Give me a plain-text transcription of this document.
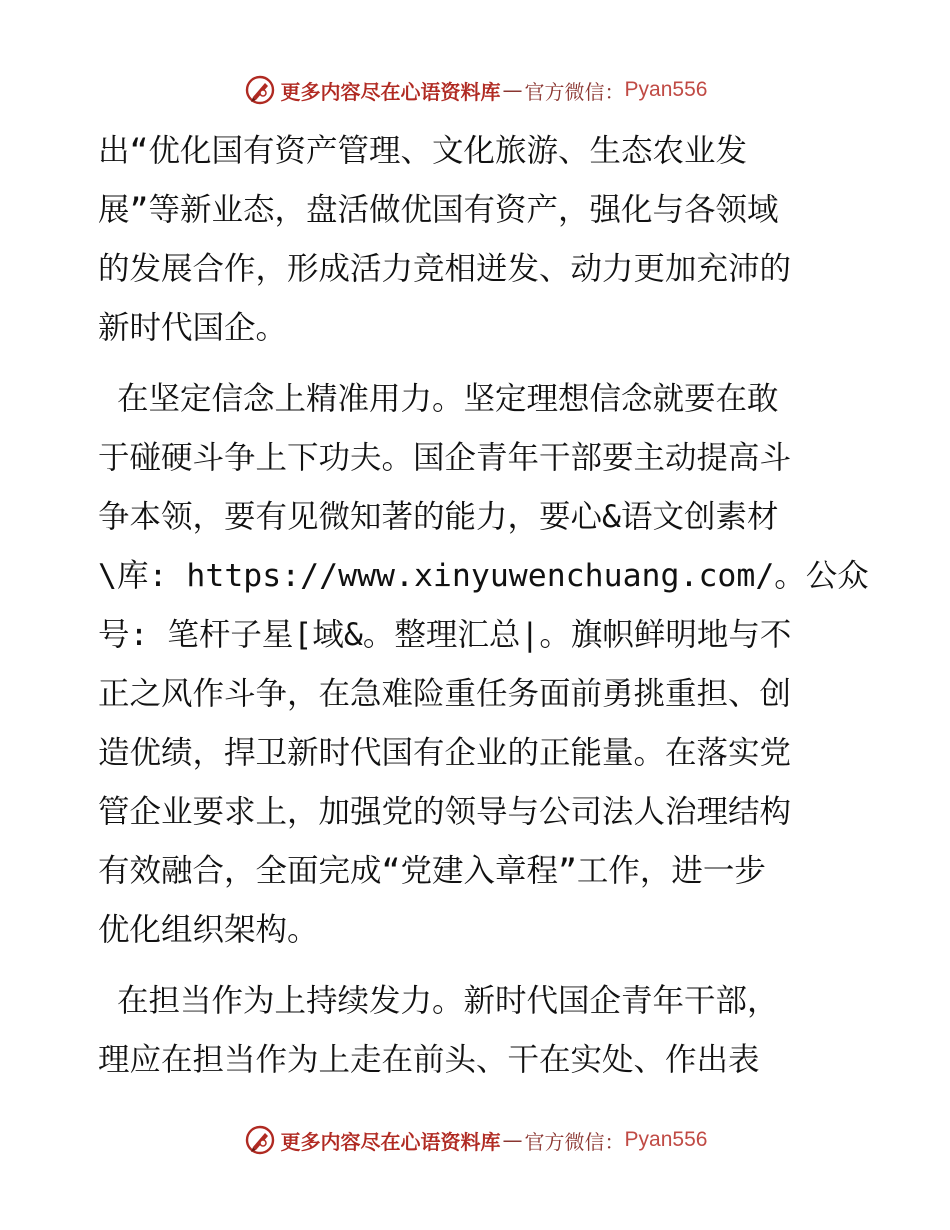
更多内容尽在心语资料库 — 官方微信： Pyan556
出“优化国有资产管理、文化旅游、生态农业发
展”等新业态，盘活做优国有资产，强化与各领域
的发展合作，形成活力竞相迸发、动力更加充沛的
新时代国企。
在坚定信念上精准用力。坚定理想信念就要在敢
于碰硬斗争上下功夫。国企青年干部要主动提高斗
争本领，要有见微知著的能力，要心&语文创素材
\库: https://www.xinyuwenchuang.com/。公众
号: 笔杆子星[域&。整理汇总|。旗帜鲜明地与不
正之风作斗争，在急难险重任务面前勇挑重担、创
造优绩，捍卫新时代国有企业的正能量。在落实党
管企业要求上，加强党的领导与公司法人治理结构
有效融合，全面完成“党建入章程”工作，进一步
优化组织架构。
在担当作为上持续发力。新时代国企青年干部，
理应在担当作为上走在前头、干在实处、作出表
更多内容尽在心语资料库 — 官方微信： Pyan556
